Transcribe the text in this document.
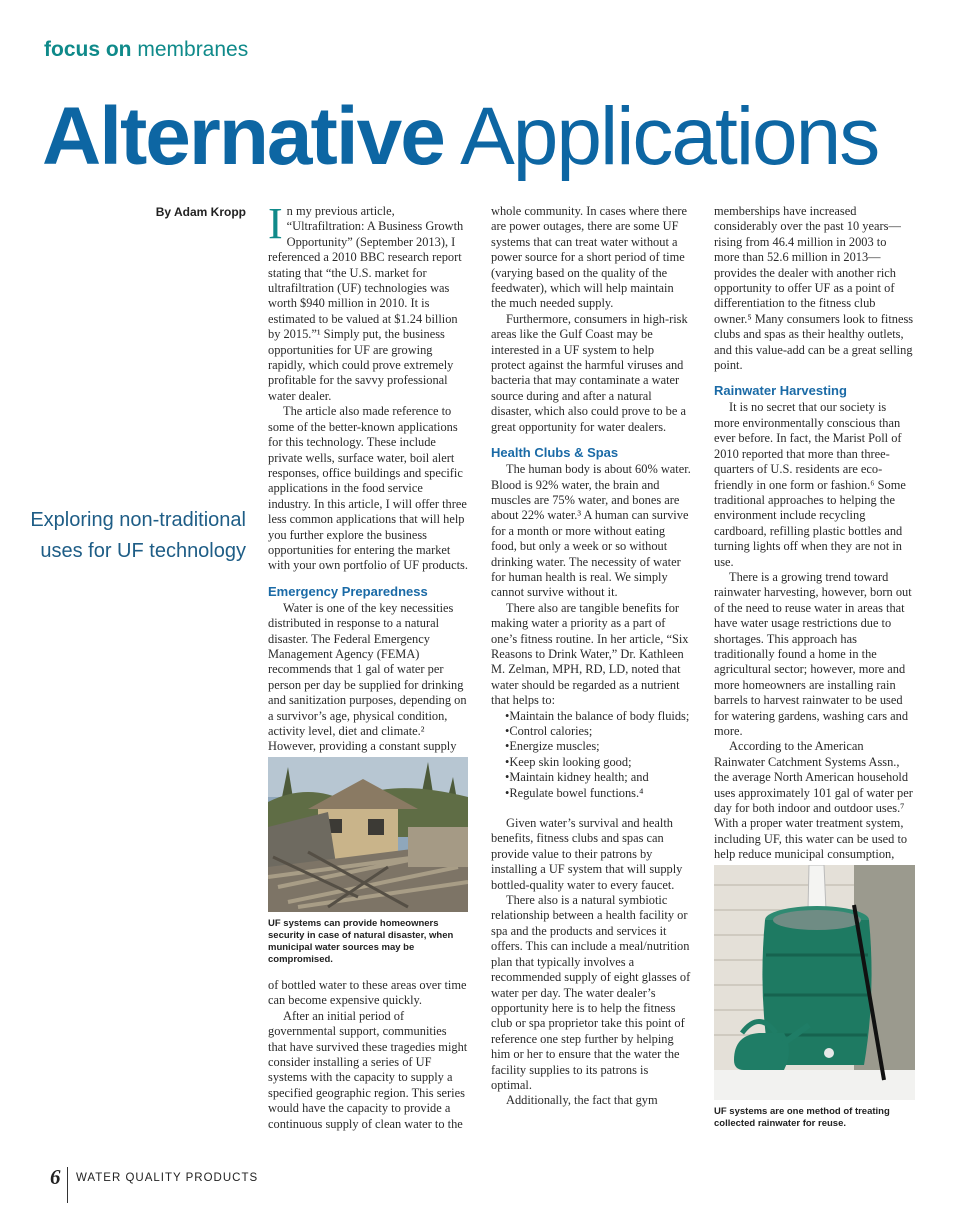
focus on membranes
Alternative Applications
By Adam Kropp
Exploring non-traditional uses for UF technology

In my previous article, “Ultrafiltration: A Business Growth Opportunity” (September 2013), I referenced a 2010 BBC research report stating that “the U.S. market for ultrafiltration (UF) technologies was worth $940 million in 2010. It is estimated to be valued at $1.24 billion by 2015.”¹ Simply put, the business opportunities for UF are growing rapidly, which could prove extremely profitable for the savvy professional water dealer.

The article also made reference to some of the better-known applications for this technology. These include private wells, surface water, boil alert responses, office buildings and specific applications in the food service industry. In this article, I will offer three less common applications that will help you further explore the business opportunities for entering the market with your own portfolio of UF products.

Emergency Preparedness

Water is one of the key necessities distributed in response to a natural disaster. The Federal Emergency Management Agency (FEMA) recommends that 1 gal of water per person per day be supplied for drinking and sanitization purposes, depending on a survivor’s age, physical condition, activity level, diet and climate.² However, providing a constant supply

UF systems can provide homeowners security in case of natural disaster, when municipal water sources may be compromised.

of bottled water to these areas over time can become expensive quickly.

After an initial period of governmental support, communities that have survived these tragedies might consider installing a series of UF systems with the capacity to supply a specified geographic region. This series would have the capacity to provide a continuous supply of clean water to the

whole community. In cases where there are power outages, there are some UF systems that can treat water without a power source for a short period of time (varying based on the quality of the feedwater), which will help maintain the much needed supply.

Furthermore, consumers in high-risk areas like the Gulf Coast may be interested in a UF system to help protect against the harmful viruses and bacteria that may contaminate a water source during and after a natural disaster, which also could prove to be a great opportunity for water dealers.

Health Clubs & Spas

The human body is about 60% water. Blood is 92% water, the brain and muscles are 75% water, and bones are about 22% water.³ A human can survive for a month or more without eating food, but only a week or so without drinking water. The necessity of water for human health is real. We simply cannot survive without it.

There also are tangible benefits for making water a priority as a part of one’s fitness routine. In her article, “Six Reasons to Drink Water,” Dr. Kathleen M. Zelman, MPH, RD, LD, noted that water should be regarded as a nutrient that helps to:

• Maintain the balance of body fluids;
• Control calories;
• Energize muscles;
• Keep skin looking good;
• Maintain kidney health; and
• Regulate bowel functions.⁴

Given water’s survival and health benefits, fitness clubs and spas can provide value to their patrons by installing a UF system that will supply bottled-quality water to every faucet.

There also is a natural symbiotic relationship between a health facility or spa and the products and services it offers. This can include a meal/nutrition plan that typically involves a recommended supply of eight glasses of water per day. The water dealer’s opportunity here is to help the fitness club or spa proprietor take this point of reference one step further by helping him or her to ensure that the water the facility supplies to its patrons is optimal.

Additionally, the fact that gym

memberships have increased considerably over the past 10 years—rising from 46.4 million in 2003 to more than 52.6 million in 2013—provides the dealer with another rich opportunity to offer UF as a point of differentiation to the fitness club owner.⁵ Many consumers look to fitness clubs and spas as their healthy outlets, and this value-add can be a great selling point.

Rainwater Harvesting

It is no secret that our society is more environmentally conscious than ever before. In fact, the Marist Poll of 2010 reported that more than three-quarters of U.S. residents are eco-friendly in one form or fashion.⁶ Some traditional approaches to helping the environment include recycling cardboard, refilling plastic bottles and turning lights off when they are not in use.

There is a growing trend toward rainwater harvesting, however, born out of the need to reuse water in areas that have water usage restrictions due to shortages. This approach has traditionally found a home in the agricultural sector; however, more and more homeowners are installing rain barrels to harvest rainwater to be used for watering gardens, washing cars and more.

According to the American Rainwater Catchment Systems Assn., the average North American household uses approximately 101 gal of water per day for both indoor and outdoor uses.⁷ With a proper water treatment system, including UF, this water can be used to help reduce municipal consumption,

UF systems are one method of treating collected rainwater for reuse.
6 WATER QUALITY PRODUCTS
